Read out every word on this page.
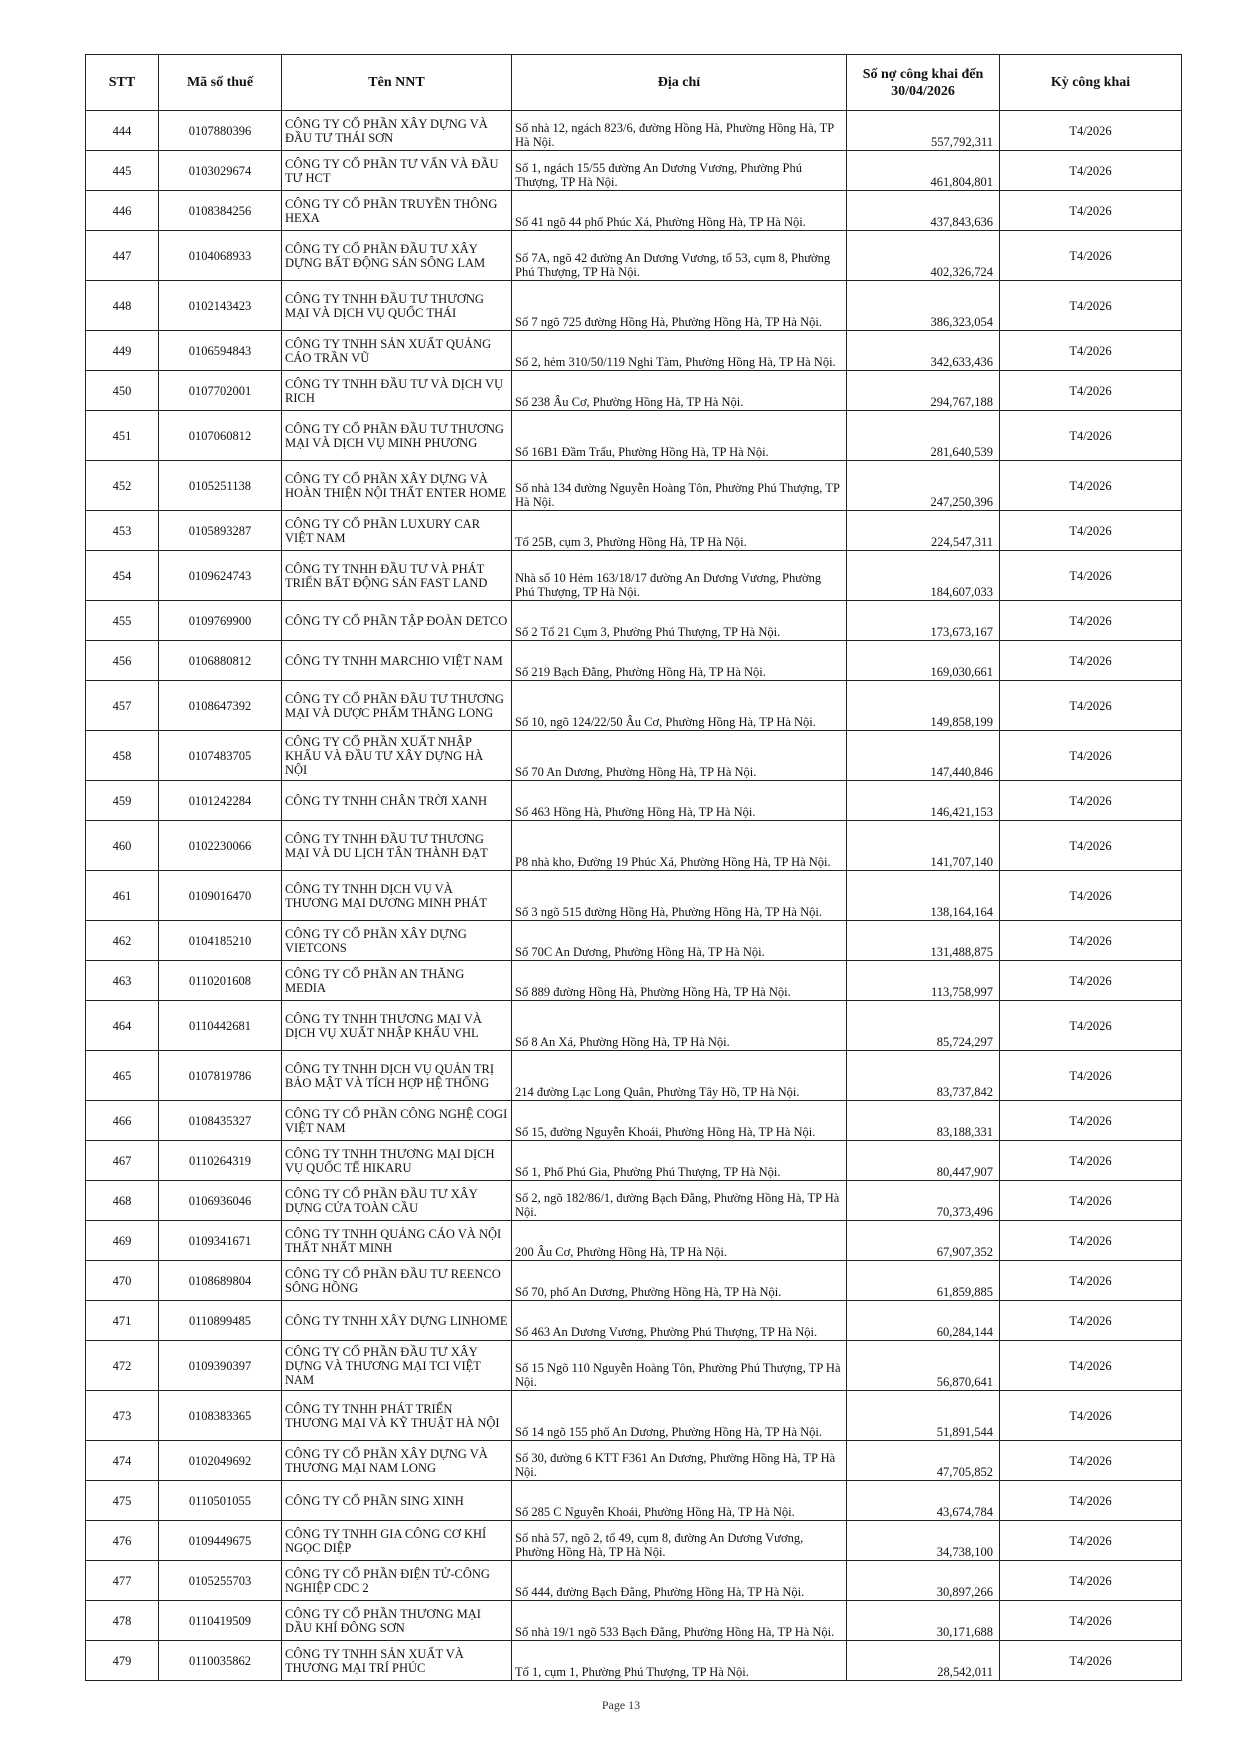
STT	Mã số thuế	Tên NNT	Địa chỉ	Số nợ công khai đến 30/04/2026	Kỳ công khai
444	0107880396	CÔNG TY CỔ PHẦN XÂY DỰNG VÀ ĐẦU TƯ THÁI SƠN	Số nhà 12, ngách 823/6, đường Hồng Hà, Phường Hồng Hà, TP Hà Nội.	557,792,311	T4/2026
445	0103029674	CÔNG TY CỔ PHẦN TƯ VẤN VÀ ĐẦU TƯ HCT	Số 1, ngách 15/55 đường An Dương Vương, Phường Phú Thượng, TP Hà Nội.	461,804,801	T4/2026
446	0108384256	CÔNG TY CỔ PHẦN TRUYỀN THÔNG HEXA	Số 41 ngõ 44 phố Phúc Xá, Phường Hồng Hà, TP Hà Nội.	437,843,636	T4/2026
447	0104068933	CÔNG TY CỔ PHẦN ĐẦU TƯ XÂY DỰNG BẤT ĐỘNG SẢN SÔNG LAM	Số 7A, ngõ 42 đường An Dương Vương, tổ 53, cụm 8, Phường Phú Thượng, TP Hà Nội.	402,326,724	T4/2026
448	0102143423	CÔNG TY TNHH ĐẦU TƯ THƯƠNG MẠI VÀ DỊCH VỤ QUỐC THÁI	Số 7 ngõ 725 đường Hồng Hà, Phường Hồng Hà, TP Hà Nội.	386,323,054	T4/2026
449	0106594843	CÔNG TY TNHH SẢN XUẤT QUẢNG CÁO TRẦN VŨ	Số 2, hẻm 310/50/119 Nghi Tàm, Phường Hồng Hà, TP Hà Nội.	342,633,436	T4/2026
450	0107702001	CÔNG TY TNHH ĐẦU TƯ VÀ DỊCH VỤ RICH	Số 238 Âu Cơ, Phường Hồng Hà, TP Hà Nội.	294,767,188	T4/2026
451	0107060812	CÔNG TY CỔ PHẦN ĐẦU TƯ THƯƠNG MẠI VÀ DỊCH VỤ MINH PHƯƠNG	Số 16B1 Đầm Trấu, Phường Hồng Hà, TP Hà Nội.	281,640,539	T4/2026
452	0105251138	CÔNG TY CỔ PHẦN XÂY DỰNG VÀ HOÀN THIỆN NỘI THẤT ENTER HOME	Số nhà 134 đường Nguyễn Hoàng Tôn, Phường Phú Thượng, TP Hà Nội.	247,250,396	T4/2026
453	0105893287	CÔNG TY CỔ PHẦN LUXURY CAR VIỆT NAM	Tổ 25B, cụm 3, Phường Hồng Hà, TP Hà Nội.	224,547,311	T4/2026
454	0109624743	CÔNG TY TNHH ĐẦU TƯ VÀ PHÁT TRIỂN BẤT ĐỘNG SẢN FAST LAND	Nhà số 10 Hẻm 163/18/17 đường An Dương Vương, Phường Phú Thượng, TP Hà Nội.	184,607,033	T4/2026
455	0109769900	CÔNG TY CỔ PHẦN TẬP ĐOÀN DETCO	Số 2 Tổ 21 Cụm 3, Phường Phú Thượng, TP Hà Nội.	173,673,167	T4/2026
456	0106880812	CÔNG TY TNHH MARCHIO VIỆT NAM	Số 219 Bạch Đằng, Phường Hồng Hà, TP Hà Nội.	169,030,661	T4/2026
457	0108647392	CÔNG TY CỔ PHẦN ĐẦU TƯ THƯƠNG MẠI VÀ DƯỢC PHẨM THĂNG LONG	Số 10, ngõ 124/22/50 Âu Cơ, Phường Hồng Hà, TP Hà Nội.	149,858,199	T4/2026
458	0107483705	CÔNG TY CỔ PHẦN XUẤT NHẬP KHẨU VÀ ĐẦU TƯ XÂY DỰNG HÀ NỘI	Số 70 An Dương, Phường Hồng Hà, TP Hà Nội.	147,440,846	T4/2026
459	0101242284	CÔNG TY TNHH CHÂN TRỜI XANH	Số 463 Hồng Hà, Phường Hồng Hà, TP Hà Nội.	146,421,153	T4/2026
460	0102230066	CÔNG TY TNHH ĐẦU TƯ THƯƠNG MẠI VÀ DU LỊCH TÂN THÀNH ĐẠT	P8 nhà kho, Đường 19 Phúc Xá, Phường Hồng Hà, TP Hà Nội.	141,707,140	T4/2026
461	0109016470	CÔNG TY TNHH DỊCH VỤ VÀ THƯƠNG MẠI DƯƠNG MINH PHÁT	Số 3 ngõ 515 đường Hồng Hà, Phường Hồng Hà, TP Hà Nội.	138,164,164	T4/2026
462	0104185210	CÔNG TY CỔ PHẦN XÂY DỰNG VIETCONS	Số 70C An Dương, Phường Hồng Hà, TP Hà Nội.	131,488,875	T4/2026
463	0110201608	CÔNG TY CỔ PHẦN AN THĂNG MEDIA	Số 889 đường Hồng Hà, Phường Hồng Hà, TP Hà Nội.	113,758,997	T4/2026
464	0110442681	CÔNG TY TNHH THƯƠNG MẠI VÀ DỊCH VỤ XUẤT NHẬP KHẨU VHL	Số 8 An Xá, Phường Hồng Hà, TP Hà Nội.	85,724,297	T4/2026
465	0107819786	CÔNG TY TNHH DỊCH VỤ QUẢN TRỊ BẢO MẬT VÀ TÍCH HỢP HỆ THỐNG	214 đường Lạc Long Quân, Phường Tây Hồ, TP Hà Nội.	83,737,842	T4/2026
466	0108435327	CÔNG TY CỔ PHẦN CÔNG NGHỆ COGI VIỆT NAM	Số 15, đường Nguyễn Khoái, Phường Hồng Hà, TP Hà Nội.	83,188,331	T4/2026
467	0110264319	CÔNG TY TNHH THƯƠNG MẠI DỊCH VỤ QUỐC TẾ HIKARU	Số 1, Phố Phú Gia, Phường Phú Thượng, TP Hà Nội.	80,447,907	T4/2026
468	0106936046	CÔNG TY CỔ PHẦN ĐẦU TƯ XÂY DỰNG CỬA TOÀN CẦU	Số 2, ngõ 182/86/1, đường Bạch Đằng, Phường Hồng Hà, TP Hà Nội.	70,373,496	T4/2026
469	0109341671	CÔNG TY TNHH QUẢNG CÁO VÀ NỘI THẤT NHẤT MINH	200 Âu Cơ, Phường Hồng Hà, TP Hà Nội.	67,907,352	T4/2026
470	0108689804	CÔNG TY CỔ PHẦN ĐẦU TƯ REENCO SÔNG HỒNG	Số 70, phố An Dương, Phường Hồng Hà, TP Hà Nội.	61,859,885	T4/2026
471	0110899485	CÔNG TY TNHH XÂY DỰNG LINHOME	Số 463 An Dương Vương, Phường Phú Thượng, TP Hà Nội.	60,284,144	T4/2026
472	0109390397	CÔNG TY CỔ PHẦN ĐẦU TƯ XÂY DỰNG VÀ THƯƠNG MẠI TCI VIỆT NAM	Số 15 Ngõ 110 Nguyễn Hoàng Tôn, Phường Phú Thượng, TP Hà Nội.	56,870,641	T4/2026
473	0108383365	CÔNG TY TNHH PHÁT TRIỂN THƯƠNG MẠI VÀ KỸ THUẬT HÀ NỘI	Số 14 ngõ 155 phố An Dương, Phường Hồng Hà, TP Hà Nội.	51,891,544	T4/2026
474	0102049692	CÔNG TY CỔ PHẦN XÂY DỰNG VÀ THƯƠNG MẠI NAM LONG	Số 30, đường 6 KTT F361 An Dương, Phường Hồng Hà, TP Hà Nội.	47,705,852	T4/2026
475	0110501055	CÔNG TY CỔ PHẦN SING XINH	Số 285 C Nguyễn Khoái, Phường Hồng Hà, TP Hà Nội.	43,674,784	T4/2026
476	0109449675	CÔNG TY TNHH GIA CÔNG CƠ KHÍ NGỌC DIỆP	Số nhà 57, ngõ 2, tổ 49, cụm 8, đường An Dương Vương, Phường Hồng Hà, TP Hà Nội.	34,738,100	T4/2026
477	0105255703	CÔNG TY CỔ PHẦN ĐIỆN TỬ-CÔNG NGHIỆP CDC 2	Số 444, đường Bạch Đằng, Phường Hồng Hà, TP Hà Nội.	30,897,266	T4/2026
478	0110419509	CÔNG TY CỔ PHẦN THƯƠNG MẠI DẦU KHÍ ĐÔNG SƠN	Số nhà 19/1 ngõ 533 Bạch Đằng, Phường Hồng Hà, TP Hà Nội.	30,171,688	T4/2026
479	0110035862	CÔNG TY TNHH SẢN XUẤT VÀ THƯƠNG MẠI TRÍ PHÚC	Tổ 1, cụm 1, Phường Phú Thượng, TP Hà Nội.	28,542,011	T4/2026
Page 13
